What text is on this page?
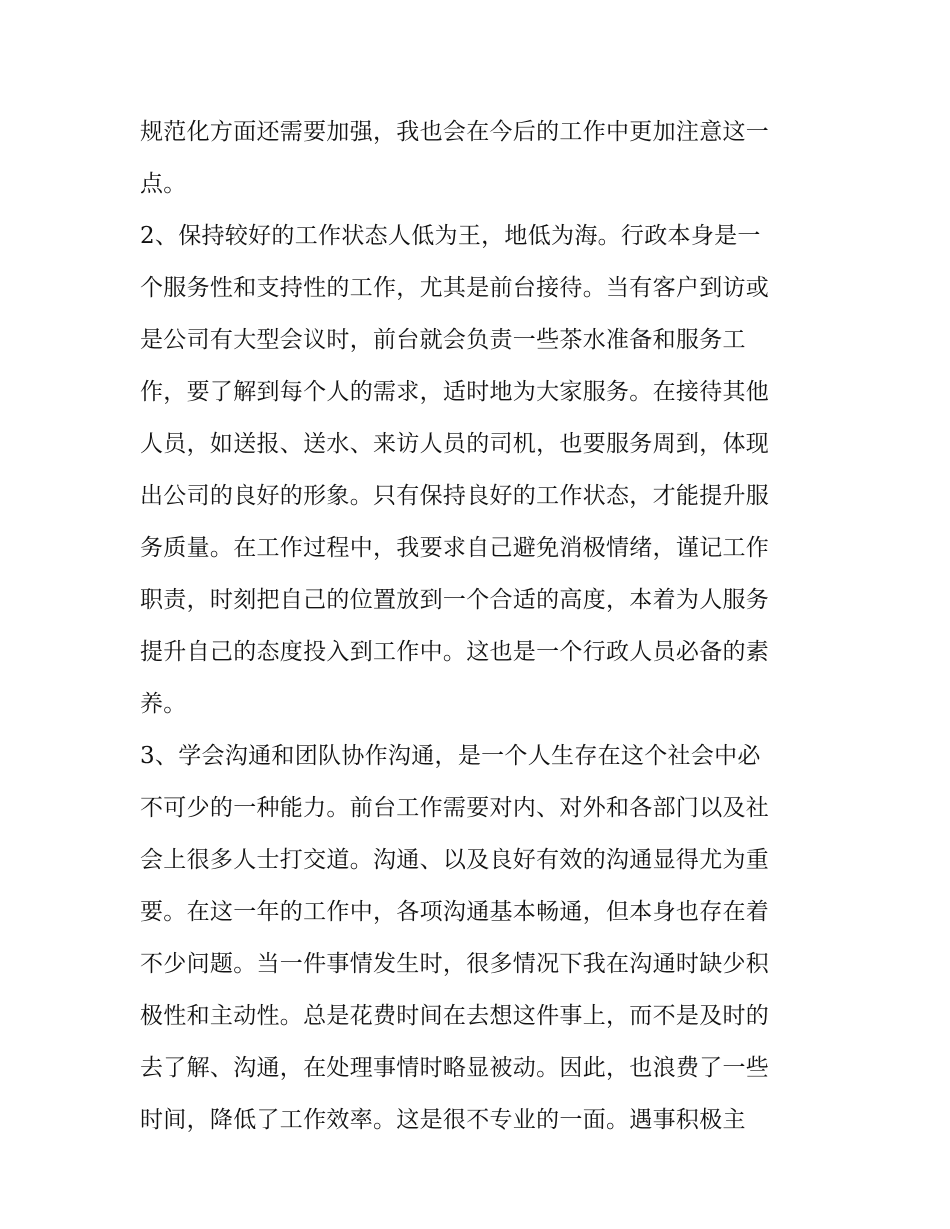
规范化方面还需要加强，我也会在今后的工作中更加注意这一
点。
2、保持较好的工作状态人低为王，地低为海。行政本身是一
个服务性和支持性的工作，尤其是前台接待。当有客户到访或
是公司有大型会议时，前台就会负责一些茶水准备和服务工
作，要了解到每个人的需求，适时地为大家服务。在接待其他
人员，如送报、送水、来访人员的司机，也要服务周到，体现
出公司的良好的形象。只有保持良好的工作状态，才能提升服
务质量。在工作过程中，我要求自己避免消极情绪，谨记工作
职责，时刻把自己的位置放到一个合适的高度，本着为人服务
提升自己的态度投入到工作中。这也是一个行政人员必备的素
养。
3、学会沟通和团队协作沟通，是一个人生存在这个社会中必
不可少的一种能力。前台工作需要对内、对外和各部门以及社
会上很多人士打交道。沟通、以及良好有效的沟通显得尤为重
要。在这一年的工作中，各项沟通基本畅通，但本身也存在着
不少问题。当一件事情发生时，很多情况下我在沟通时缺少积
极性和主动性。总是花费时间在去想这件事上，而不是及时的
去了解、沟通，在处理事情时略显被动。因此，也浪费了一些
时间，降低了工作效率。这是很不专业的一面。遇事积极主
